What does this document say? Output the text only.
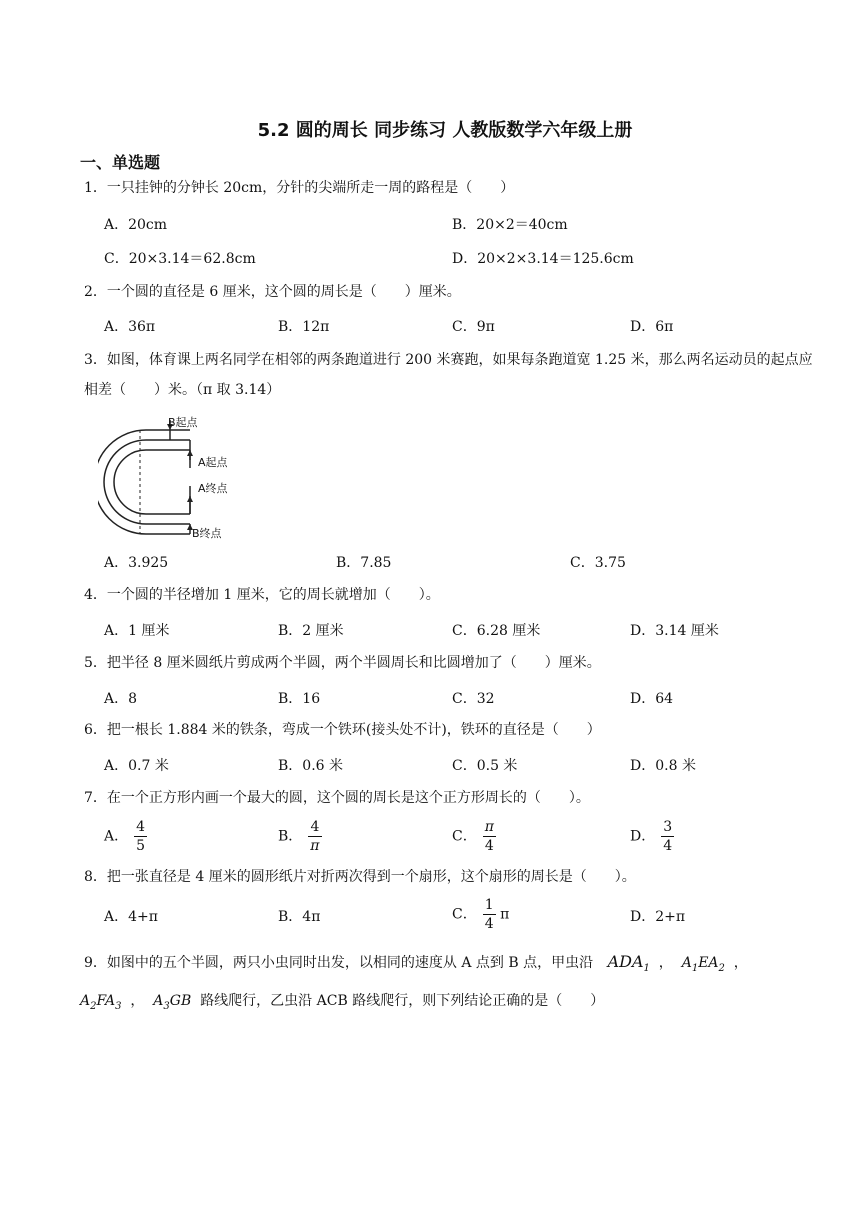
5.2 圆的周长 同步练习 人教版数学六年级上册
一、单选题
1．一只挂钟的分钟长 20cm，分针的尖端所走一周的路程是（　　）
A．20cm	B．20×2＝40cm
C．20×3.14＝62.8cm	D．20×2×3.14＝125.6cm
2．一个圆的直径是 6 厘米，这个圆的周长是（　　）厘米。
A．36π	B．12π	C．9π	D．6π
3．如图，体育课上两名同学在相邻的两条跑道进行 200 米赛跑，如果每条跑道宽 1.25 米，那么两名运动员的起点应相差（　　）米。（π 取 3.14）
B起点
A起点
A终点
B终点
A．3.925	B．7.85	C．3.75
4．一个圆的半径增加 1 厘米，它的周长就增加（　　）。
A．1 厘米	B．2 厘米	C．6.28 厘米	D．3.14 厘米
5．把半径 8 厘米圆纸片剪成两个半圆，两个半圆周长和比圆增加了（　　）厘米。
A．8	B．16	C．32	D．64
6．把一根长 1.884 米的铁条，弯成一个铁环(接头处不计)，铁环的直径是（　　）
A．0.7 米	B．0.6 米	C．0.5 米	D．0.8 米
7．在一个正方形内画一个最大的圆，这个圆的周长是这个正方形周长的（　　）。
A． $\frac{4}{5}$	B． $\frac{4}{\pi}$	C． $\frac{\pi}{4}$	D． $\frac{3}{4}$
8．把一张直径是 4 厘米的圆形纸片对折两次得到一个扇形，这个扇形的周长是（　　）。
A．4+π	B．4π	C． $\frac{1}{4}$ π	D．2+π
9．如图中的五个半圆，两只小虫同时出发，以相同的速度从 A 点到 B 点，甲虫沿 $ADA_1$  ，  $A_1EA_2$  ，
$A_2FA_3$  ，  $A_3GB$ 路线爬行，乙虫沿 ACB 路线爬行，则下列结论正确的是（　　）
